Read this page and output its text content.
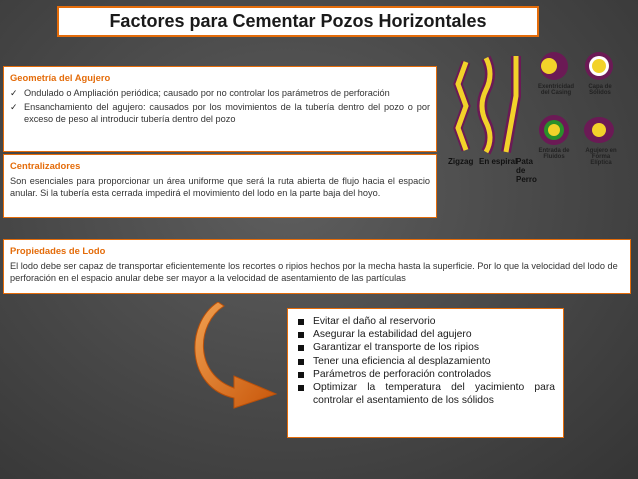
Factores para Cementar Pozos Horizontales
Geometría del Agujero
✓ Ondulado o Ampliación periódica; causado por no controlar los parámetros de perforación
✓ Ensanchamiento del agujero: causados por los movimientos de la tubería dentro del pozo o por exceso de peso al introducir tubería dentro del pozo
Centralizadores
Son esenciales para proporcionar un área uniforme que será la ruta abierta de flujo hacia el espacio anular. Si la tubería esta cerrada impedirá el movimiento del lodo en la parte baja del hoyo.
Exentricidad del Casing
Capa de Sólidos
Entrada de Fluidos
Agujero en Forma Elíptica
Zigzag En espiral
Pata de Perro
Propiedades de Lodo
El lodo debe ser capaz de transportar eficientemente los recortes o ripios hechos por la mecha hasta la superficie. Por lo que la velocidad del lodo de perforación en el espacio anular debe ser mayor a la velocidad de asentamiento de las partículas
Evitar el daño al reservorio
Asegurar la estabilidad del agujero
Garantizar el transporte de los ripios
Tener una eficiencia al desplazamiento
Parámetros de perforación controlados
Optimizar la temperatura del yacimiento para controlar el asentamiento de los sólidos
